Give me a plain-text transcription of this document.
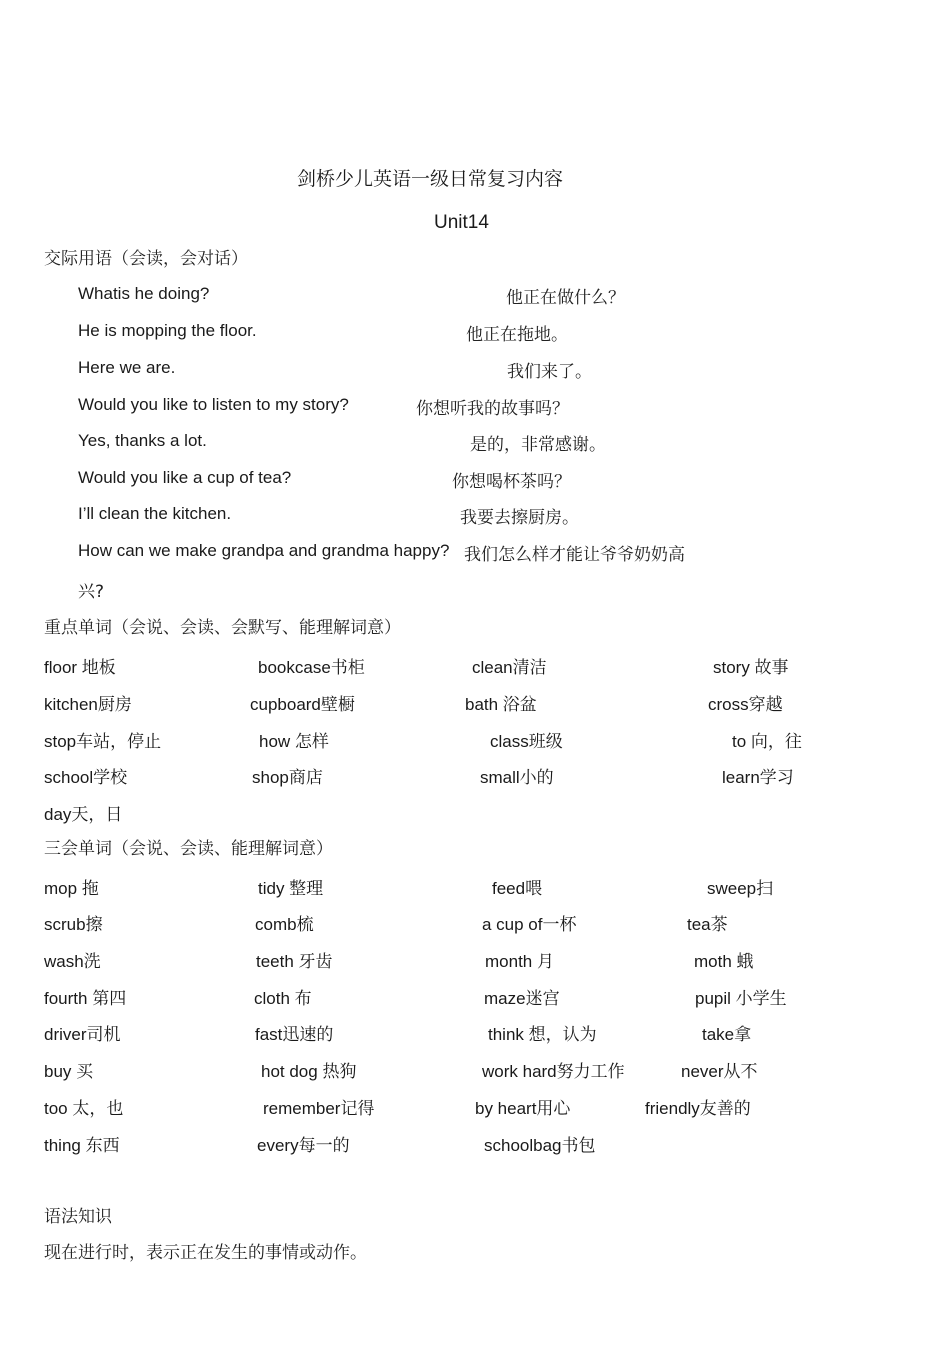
剑桥少儿英语一级日常复习内容
Unit14
交际用语（会读，会对话）
Whatis he doing?	他正在做什么？
He is mopping the floor.	他正在拖地。
Here we are.	我们来了。
Would you like to listen to my story?	你想听我的故事吗？
Yes, thanks a lot.	是的，非常感谢。
Would you like a cup of tea?	你想喝杯茶吗？
I’ll clean the kitchen.	我要去擦厨房。
How can we make grandpa and grandma happy? 我们怎么样才能让爷爷奶奶高
兴?
重点单词（会说、会读、会默写、能理解词意）
floor 地板	bookcase书柜	clean清洁	story 故事
kitchen厨房	cupboard壁橱	bath 浴盆	cross穿越
stop车站，停止	how 怎样	class班级	to 向，往
school学校	shop商店	small小的	learn学习
day天，日
三会单词（会说、会读、能理解词意）
mop 拖	tidy 整理	feed喂	sweep扫
scrub擦	comb梳	a cup of一杯	tea茶
wash洗	teeth 牙齿	month 月	moth 蛾
fourth 第四	cloth 布	maze迷宫	pupil 小学生
driver司机	fast迅速的	think 想，认为	take拿
buy 买	hot dog 热狗	work hard努力工作	never从不
too 太，也	remember记得	by heart用心	friendly友善的
thing 东西	every每一的	schoolbag书包
语法知识
现在进行时，表示正在发生的事情或动作。
